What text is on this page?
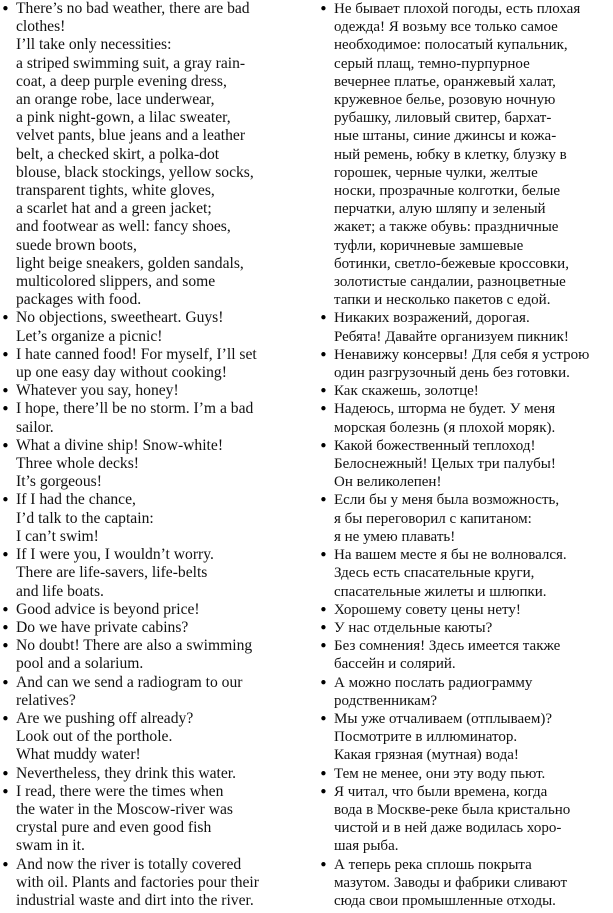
• There’s no bad weather, there are bad
clothes!
I’ll take only necessities:
a striped swimming suit, a gray rain-
coat, a deep purple evening dress,
an orange robe, lace underwear,
a pink night-gown, a lilac sweater,
velvet pants, blue jeans and a leather
belt, a checked skirt, a polka-dot
blouse, black stockings, yellow socks,
transparent tights, white gloves,
a scarlet hat and a green jacket;
and footwear as well: fancy shoes,
suede brown boots,
light beige sneakers, golden sandals,
multicolored slippers, and some
packages with food.
• No objections, sweetheart. Guys!
Let’s organize a picnic!
• I hate canned food! For myself, I’ll set
up one easy day without cooking!
• Whatever you say, honey!
• I hope, there’ll be no storm. I’m a bad
sailor.
• What a divine ship! Snow-white!
Three whole decks!
It’s gorgeous!
• If I had the chance,
I’d talk to the captain:
I can’t swim!
• If I were you, I wouldn’t worry.
There are life-savers, life-belts
and life boats.
• Good advice is beyond price!
• Do we have private cabins?
• No doubt! There are also a swimming
pool and a solarium.
• And can we send a radiogram to our
relatives?
• Are we pushing off already?
Look out of the porthole.
What muddy water!
• Nevertheless, they drink this water.
• I read, there were the times when
the water in the Moscow-river was
crystal pure and even good fish
swam in it.
• And now the river is totally covered
with oil. Plants and factories pour their
industrial waste and dirt into the river.
• Не бывает плохой погоды, есть плохая
одежда! Я возьму все только самое
необходимое: полосатый купальник,
серый плащ, темно-пурпурное
вечернее платье, оранжевый халат,
кружевное белье, розовую ночную
рубашку, лиловый свитер, бархат-
ные штаны, синие джинсы и кожа-
ный ремень, юбку в клетку, блузку в
горошек, черные чулки, желтые
носки, прозрачные колготки, белые
перчатки, алую шляпу и зеленый
жакет; а также обувь: праздничные
туфли, коричневые замшевые
ботинки, светло-бежевые кроссовки,
золотистые сандалии, разноцветные
тапки и несколько пакетов с едой.
• Никаких возражений, дорогая.
Ребята! Давайте организуем пикник!
• Ненавижу консервы! Для себя я устрою
один разгрузочный день без готовки.
• Как скажешь, золотце!
• Надеюсь, шторма не будет. У меня
морская болезнь (я плохой моряк).
• Какой божественный теплоход!
Белоснежный! Целых три палубы!
Он великолепен!
• Если бы у меня была возможность,
я бы переговорил с капитаном:
я не умею плавать!
• На вашем месте я бы не волновался.
Здесь есть спасательные круги,
спасательные жилеты и шлюпки.
• Хорошему совету цены нету!
• У нас отдельные каюты?
• Без сомнения! Здесь имеется также
бассейн и солярий.
• А можно послать радиограмму
родственникам?
• Мы уже отчаливаем (отплываем)?
Посмотрите в иллюминатор.
Какая грязная (мутная) вода!
• Тем не менее, они эту воду пьют.
• Я читал, что были времена, когда
вода в Москве-реке была кристально
чистой и в ней даже водилась хоро-
шая рыба.
• А теперь река сплошь покрыта
мазутом. Заводы и фабрики сливают
сюда свои промышленные отходы.
